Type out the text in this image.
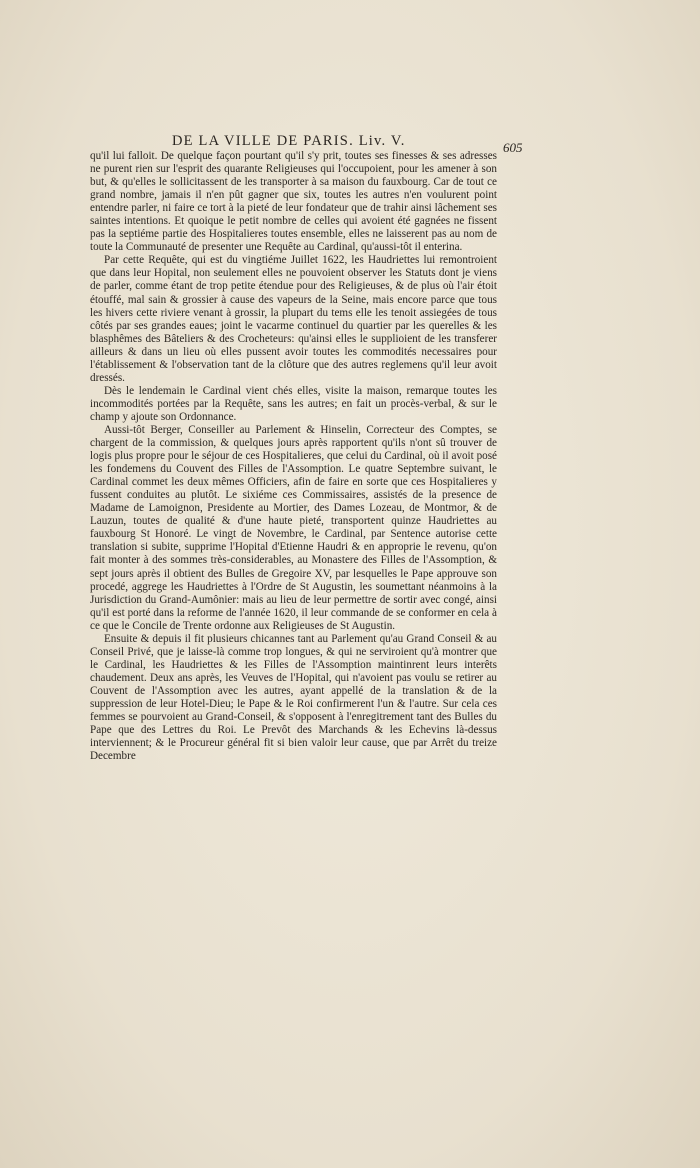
DE LA VILLE DE PARIS. Liv. V.	605

qu'il lui falloit. De quelque façon pourtant qu'il s'y prit, toutes ses finesses & ses adresses ne purent rien sur l'esprit des quarante Religieuses qui l'occupoient, pour les amener à son but, & qu'elles le sollicitassent de les transporter à sa maison du fauxbourg. Car de tout ce grand nombre, jamais il n'en pût gagner que six, toutes les autres n'en voulurent point entendre parler, ni faire ce tort à la pieté de leur fondateur que de trahir ainsi lâchement ses saintes intentions. Et quoique le petit nombre de celles qui avoient été gagnées ne fissent pas la septiéme partie des Hospitalieres toutes ensemble, elles ne laisserent pas au nom de toute la Communauté de presenter une Requête au Cardinal, qu'aussi-tôt il enterina.

Par cette Requête, qui est du vingtiéme Juillet 1622, les Haudriettes lui remontroient que dans leur Hopital, non seulement elles ne pouvoient observer les Statuts dont je viens de parler, comme étant de trop petite étendue pour des Religieuses, & de plus où l'air étoit étouffé, mal sain & grossier à cause des vapeurs de la Seine, mais encore parce que tous les hivers cette riviere venant à grossir, la plupart du tems elle les tenoit assiegées de tous côtés par ses grandes eaues; joint le vacarme continuel du quartier par les querelles & les blasphêmes des Bâteliers & des Crocheteurs: qu'ainsi elles le supplioient de les transferer ailleurs & dans un lieu où elles pussent avoir toutes les commodités necessaires pour l'établissement & l'observation tant de la clôture que des autres reglemens qu'il leur avoit dressés.

Dès le lendemain le Cardinal vient chés elles, visite la maison, remarque toutes les incommodités portées par la Requête, sans les autres; en fait un procès-verbal, & sur le champ y ajoute son Ordonnance.

Aussi-tôt Berger, Conseiller au Parlement & Hinselin, Correcteur des Comptes, se chargent de la commission, & quelques jours après rapportent qu'ils n'ont sû trouver de logis plus propre pour le séjour de ces Hospitalieres, que celui du Cardinal, où il avoit posé les fondemens du Couvent des Filles de l'Assomption. Le quatre Septembre suivant, le Cardinal commet les deux mêmes Officiers, afin de faire en sorte que ces Hospitalieres y fussent conduites au plutôt. Le sixiéme ces Commissaires, assistés de la presence de Madame de Lamoignon, Presidente au Mortier, des Dames Lozeau, de Montmor, & de Lauzun, toutes de qualité & d'une haute pieté, transportent quinze Haudriettes au fauxbourg St Honoré. Le vingt de Novembre, le Cardinal, par Sentence autorise cette translation si subite, supprime l'Hopital d'Etienne Haudri & en approprie le revenu, qu'on fait monter à des sommes très-considerables, au Monastere des Filles de l'Assomption, & sept jours après il obtient des Bulles de Gregoire XV, par lesquelles le Pape approuve son procedé, aggrege les Haudriettes à l'Ordre de St Augustin, les soumettant néanmoins à la Jurisdiction du Grand-Aumônier: mais au lieu de leur permettre de sortir avec congé, ainsi qu'il est porté dans la reforme de l'année 1620, il leur commande de se conformer en cela à ce que le Concile de Trente ordonne aux Religieuses de St Augustin.

Ensuite & depuis il fit plusieurs chicannes tant au Parlement qu'au Grand Conseil & au Conseil Privé, que je laisse-là comme trop longues, & qui ne serviroient qu'à montrer que le Cardinal, les Haudriettes & les Filles de l'Assomption maintinrent leurs interêts chaudement. Deux ans après, les Veuves de l'Hopital, qui n'avoient pas voulu se retirer au Couvent de l'Assomption avec les autres, ayant appellé de la translation & de la suppression de leur Hotel-Dieu; le Pape & le Roi confirmerent l'un & l'autre. Sur cela ces femmes se pourvoient au Grand-Conseil, & s'opposent à l'enregitrement tant des Bulles du Pape que des Lettres du Roi. Le Prevôt des Marchands & les Echevins là-dessus interviennent; & le Procureur général fit si bien valoir leur cause, que par Arrêt du treize Decembre
